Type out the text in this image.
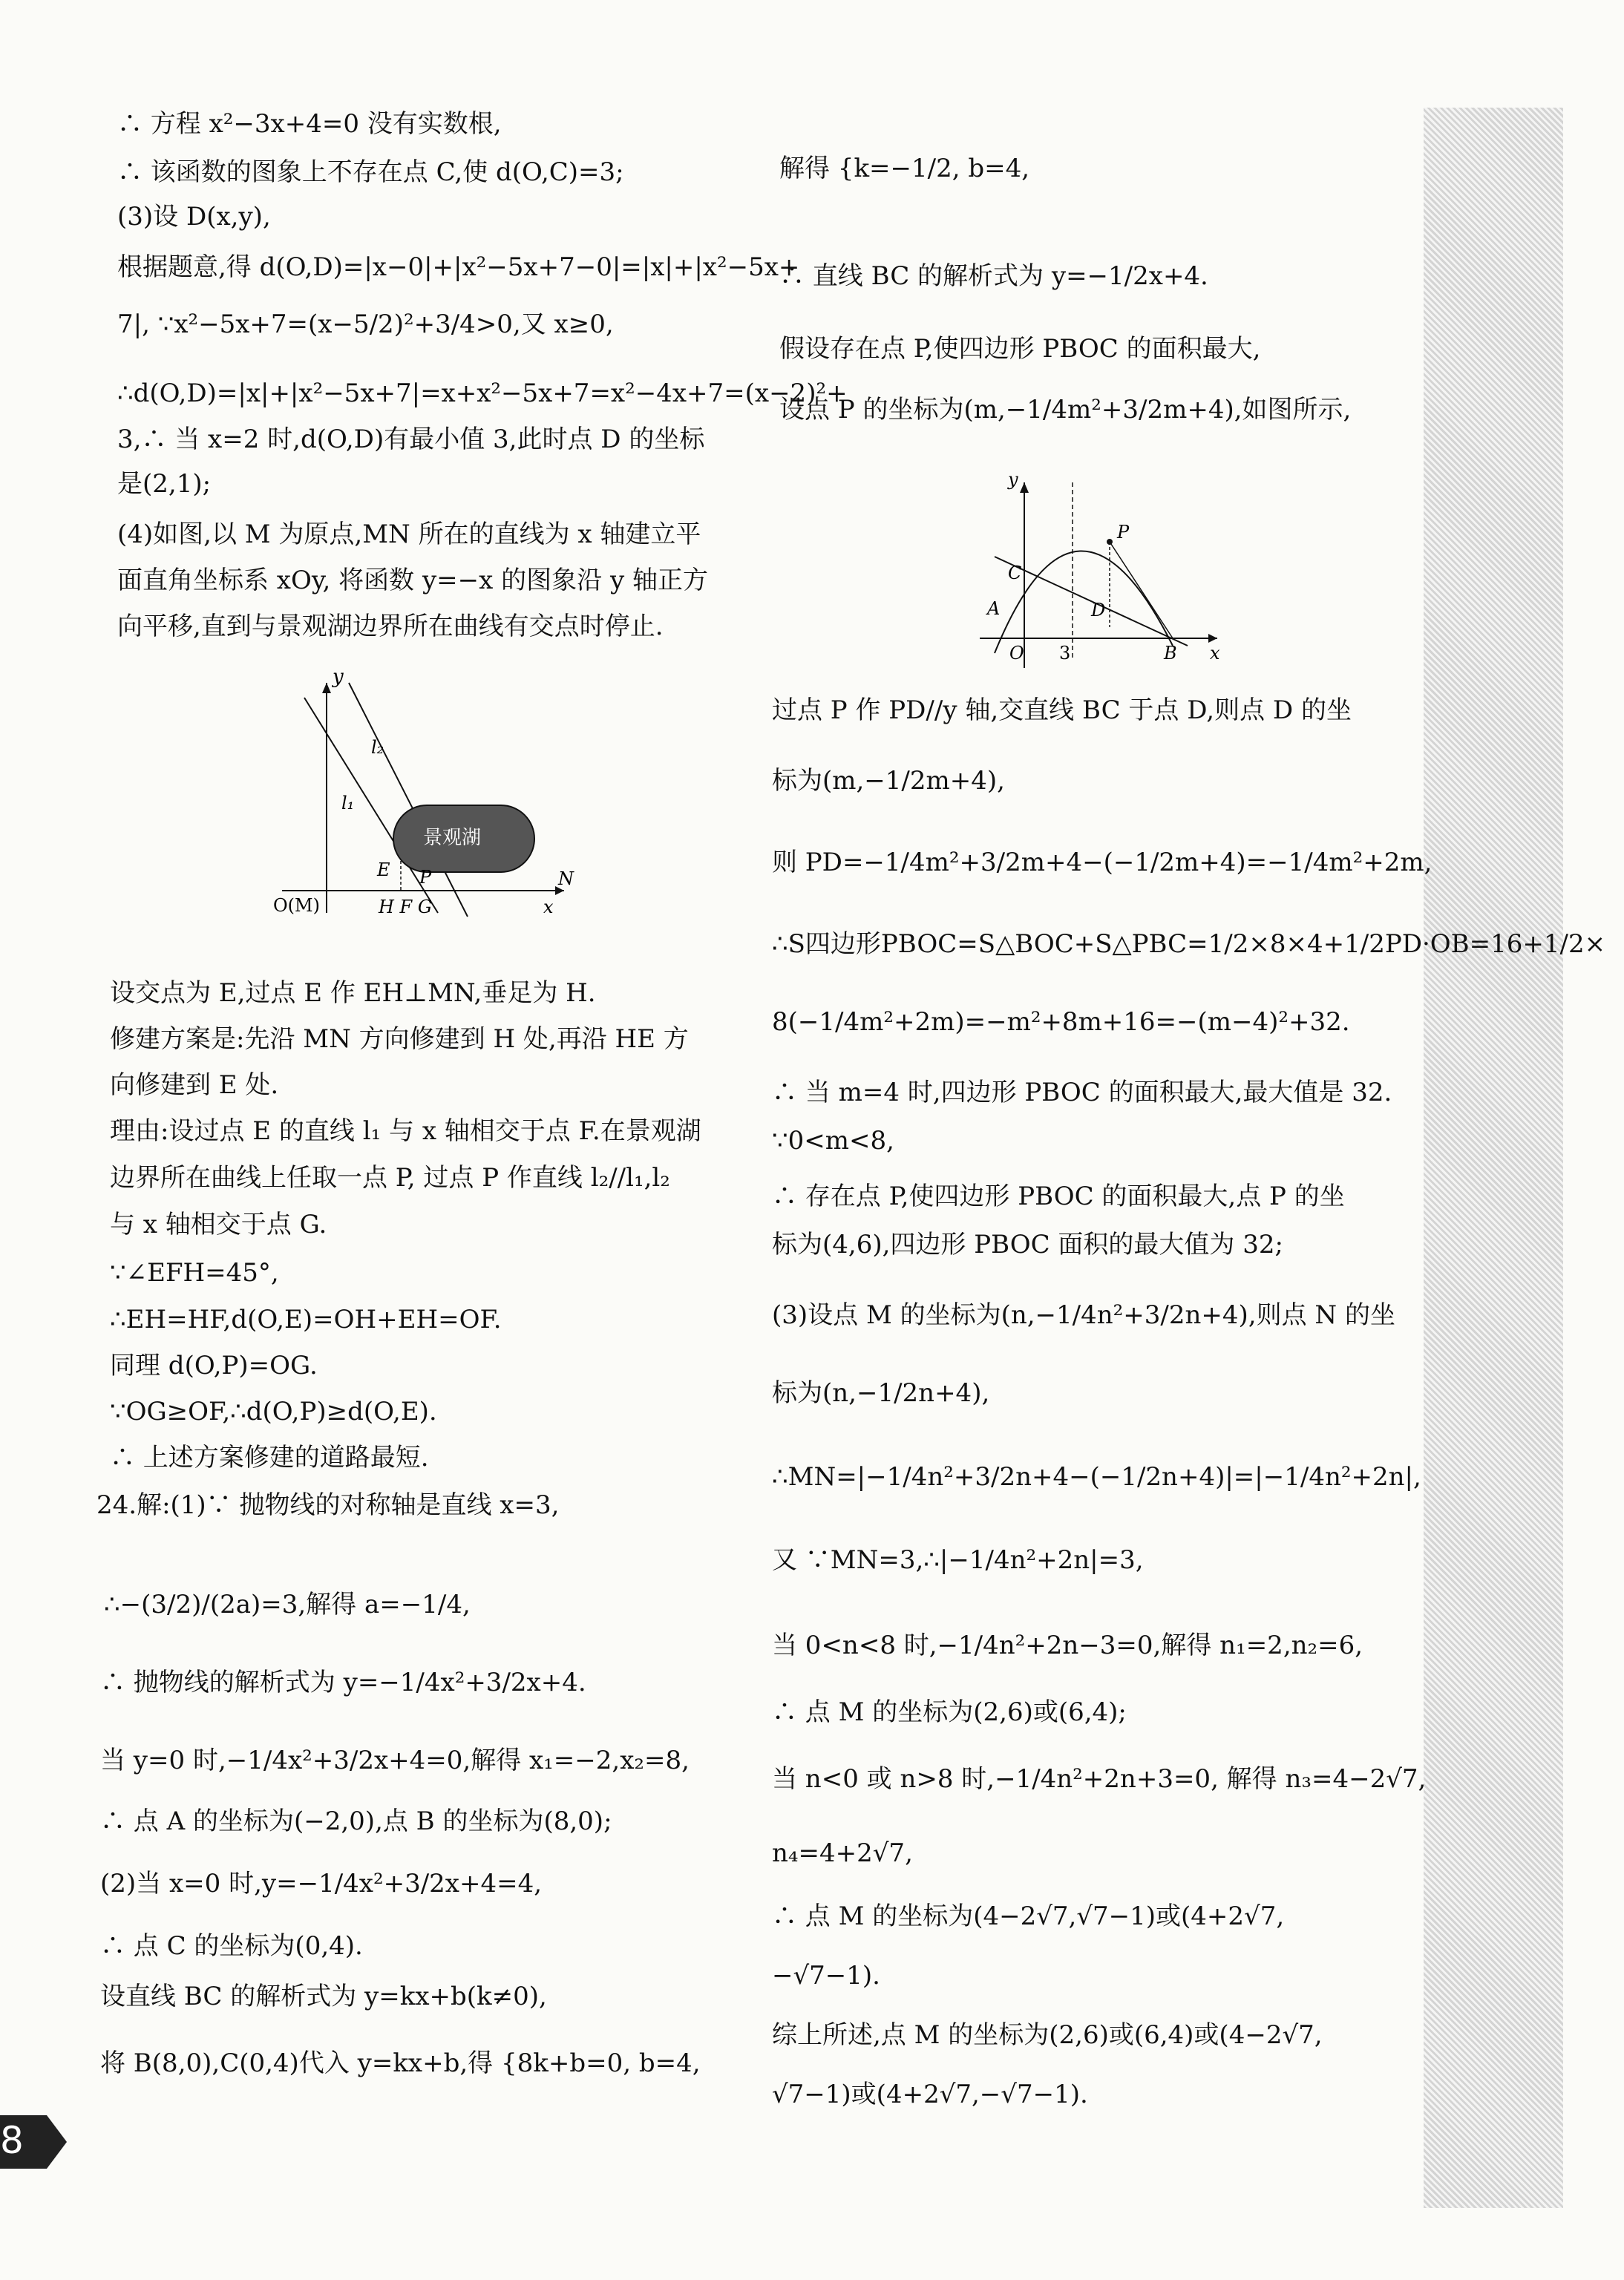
8
∴ 方程 x²−3x+4=0 没有实数根,
∴ 该函数的图象上不存在点 C,使 d(O,C)=3;
(3)设 D(x,y),
根据题意,得 d(O,D)=|x−0|+|x²−5x+7−0|=|x|+|x²−5x+
7|, ∵x²−5x+7=(x−5/2)²+3/4>0,又 x≥0,
∴d(O,D)=|x|+|x²−5x+7|=x+x²−5x+7=x²−4x+7=(x−2)²+
3,∴ 当 x=2 时,d(O,D)有最小值 3,此时点 D 的坐标
是(2,1);
(4)如图,以 M 为原点,MN 所在的直线为 x 轴建立平
面直角坐标系 xOy, 将函数 y=−x 的图象沿 y 轴正方
向平移,直到与景观湖边界所在曲线有交点时停止.
y
l₂
l₁
景观湖
E P	N
O(M)	H F G	x
设交点为 E,过点 E 作 EH⊥MN,垂足为 H.
修建方案是:先沿 MN 方向修建到 H 处,再沿 HE 方
向修建到 E 处.
理由:设过点 E 的直线 l₁ 与 x 轴相交于点 F.在景观湖
边界所在曲线上任取一点 P, 过点 P 作直线 l₂//l₁,l₂
与 x 轴相交于点 G.
∵∠EFH=45°,
∴EH=HF,d(O,E)=OH+EH=OF.
同理 d(O,P)=OG.
∵OG≥OF,∴d(O,P)≥d(O,E).
∴ 上述方案修建的道路最短.
24.解:(1)∵ 抛物线的对称轴是直线 x=3,
∴−(3/2)/(2a)=3,解得 a=−1/4,
∴ 抛物线的解析式为 y=−1/4x²+3/2x+4.
当 y=0 时,−1/4x²+3/2x+4=0,解得 x₁=−2,x₂=8,
∴ 点 A 的坐标为(−2,0),点 B 的坐标为(8,0);
(2)当 x=0 时,y=−1/4x²+3/2x+4=4,
∴ 点 C 的坐标为(0,4).
设直线 BC 的解析式为 y=kx+b(k≠0),
将 B(8,0),C(0,4)代入 y=kx+b,得 {8k+b=0, b=4,
解得 {k=−1/2, b=4,
∴ 直线 BC 的解析式为 y=−1/2x+4.
假设存在点 P,使四边形 PBOC 的面积最大,
设点 P 的坐标为(m,−1/4m²+3/2m+4),如图所示,
y
P
C
A
O 3
D
B x
过点 P 作 PD//y 轴,交直线 BC 于点 D,则点 D 的坐
标为(m,−1/2m+4),
则 PD=−1/4m²+3/2m+4−(−1/2m+4)=−1/4m²+2m,
∴S四边形PBOC=S△BOC+S△PBC=1/2×8×4+1/2PD·OB=16+1/2×
8(−1/4m²+2m)=−m²+8m+16=−(m−4)²+32.
∴ 当 m=4 时,四边形 PBOC 的面积最大,最大值是 32.
∵0<m<8,
∴ 存在点 P,使四边形 PBOC 的面积最大,点 P 的坐
标为(4,6),四边形 PBOC 面积的最大值为 32;
(3)设点 M 的坐标为(n,−1/4n²+3/2n+4),则点 N 的坐
标为(n,−1/2n+4),
∴MN=|−1/4n²+3/2n+4−(−1/2n+4)|=|−1/4n²+2n|,
又 ∵MN=3,∴|−1/4n²+2n|=3,
当 0<n<8 时,−1/4n²+2n−3=0,解得 n₁=2,n₂=6,
∴ 点 M 的坐标为(2,6)或(6,4);
当 n<0 或 n>8 时,−1/4n²+2n+3=0, 解得 n₃=4−2√7,
n₄=4+2√7,
∴ 点 M 的坐标为(4−2√7,√7−1)或(4+2√7,
−√7−1).
综上所述,点 M 的坐标为(2,6)或(6,4)或(4−2√7,
√7−1)或(4+2√7,−√7−1).
